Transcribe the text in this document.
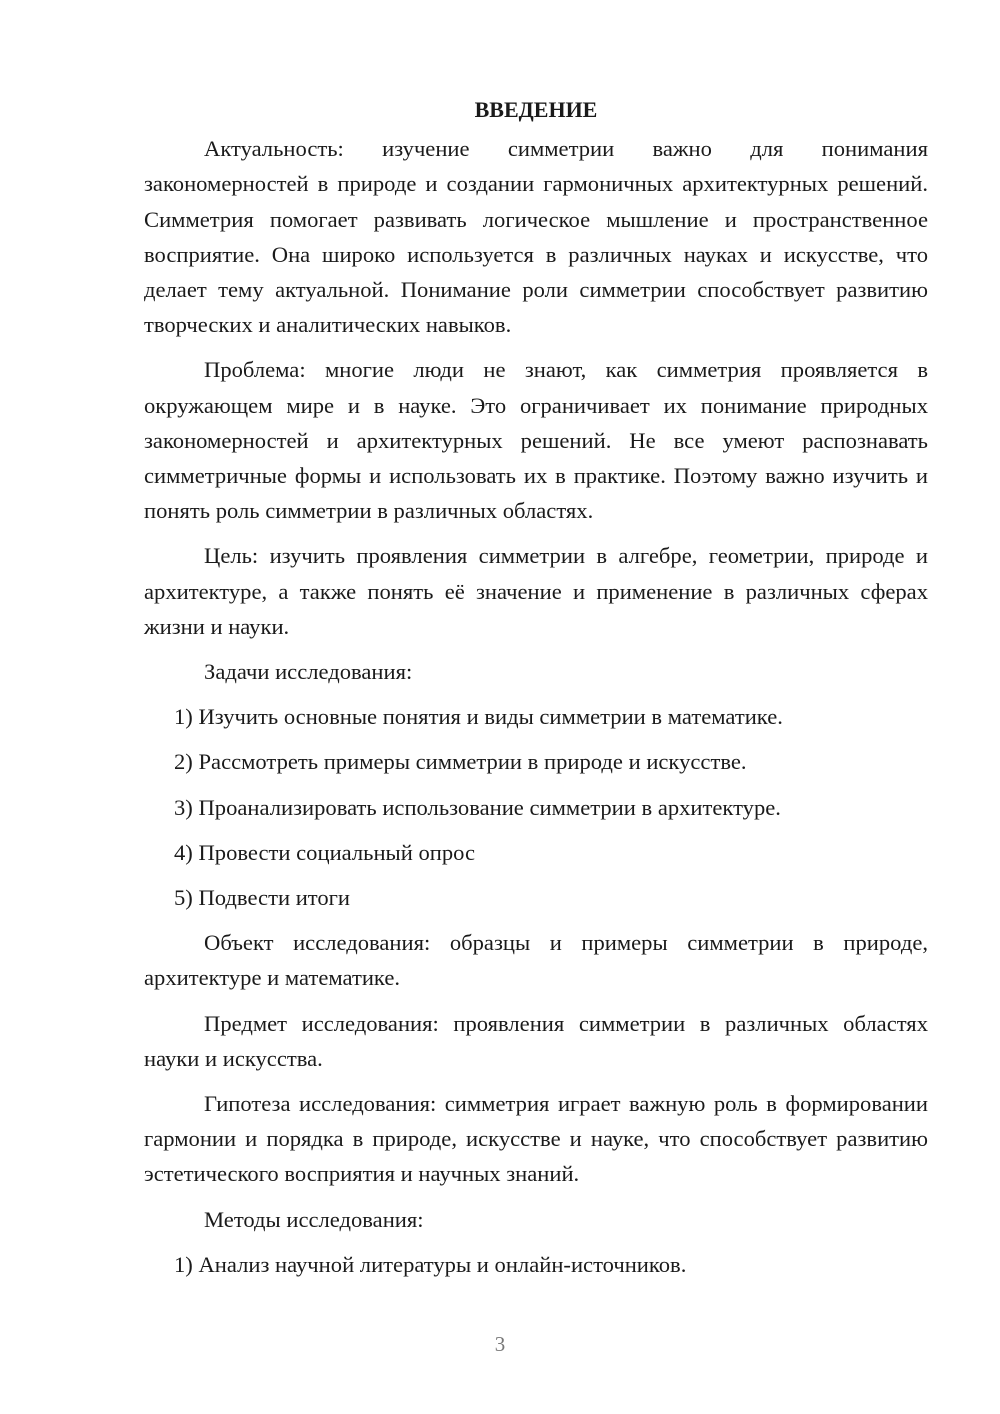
ВВЕДЕНИЕ

Актуальность: изучение симметрии важно для понимания закономерностей в природе и создании гармоничных архитектурных решений. Симметрия помогает развивать логическое мышление и пространственное восприятие. Она широко используется в различных науках и искусстве, что делает тему актуальной. Понимание роли симметрии способствует развитию творческих и аналитических навыков.

Проблема: многие люди не знают, как симметрия проявляется в окружающем мире и в науке. Это ограничивает их понимание природных закономерностей и архитектурных решений. Не все умеют распознавать симметричные формы и использовать их в практике. Поэтому важно изучить и понять роль симметрии в различных областях.

Цель: изучить проявления симметрии в алгебре, геометрии, природе и архитектуре, а также понять её значение и применение в различных сферах жизни и науки.

Задачи исследования:

1) Изучить основные понятия и виды симметрии в математике.

2) Рассмотреть примеры симметрии в природе и искусстве.

3) Проанализировать использование симметрии в архитектуре.

4) Провести социальный опрос

5) Подвести итоги

Объект исследования: образцы и примеры симметрии в природе, архитектуре и математике.

Предмет исследования: проявления симметрии в различных областях науки и искусства.

Гипотеза исследования: симметрия играет важную роль в формировании гармонии и порядка в природе, искусстве и науке, что способствует развитию эстетического восприятия и научных знаний.

Методы исследования:

1) Анализ научной литературы и онлайн-источников.

3
